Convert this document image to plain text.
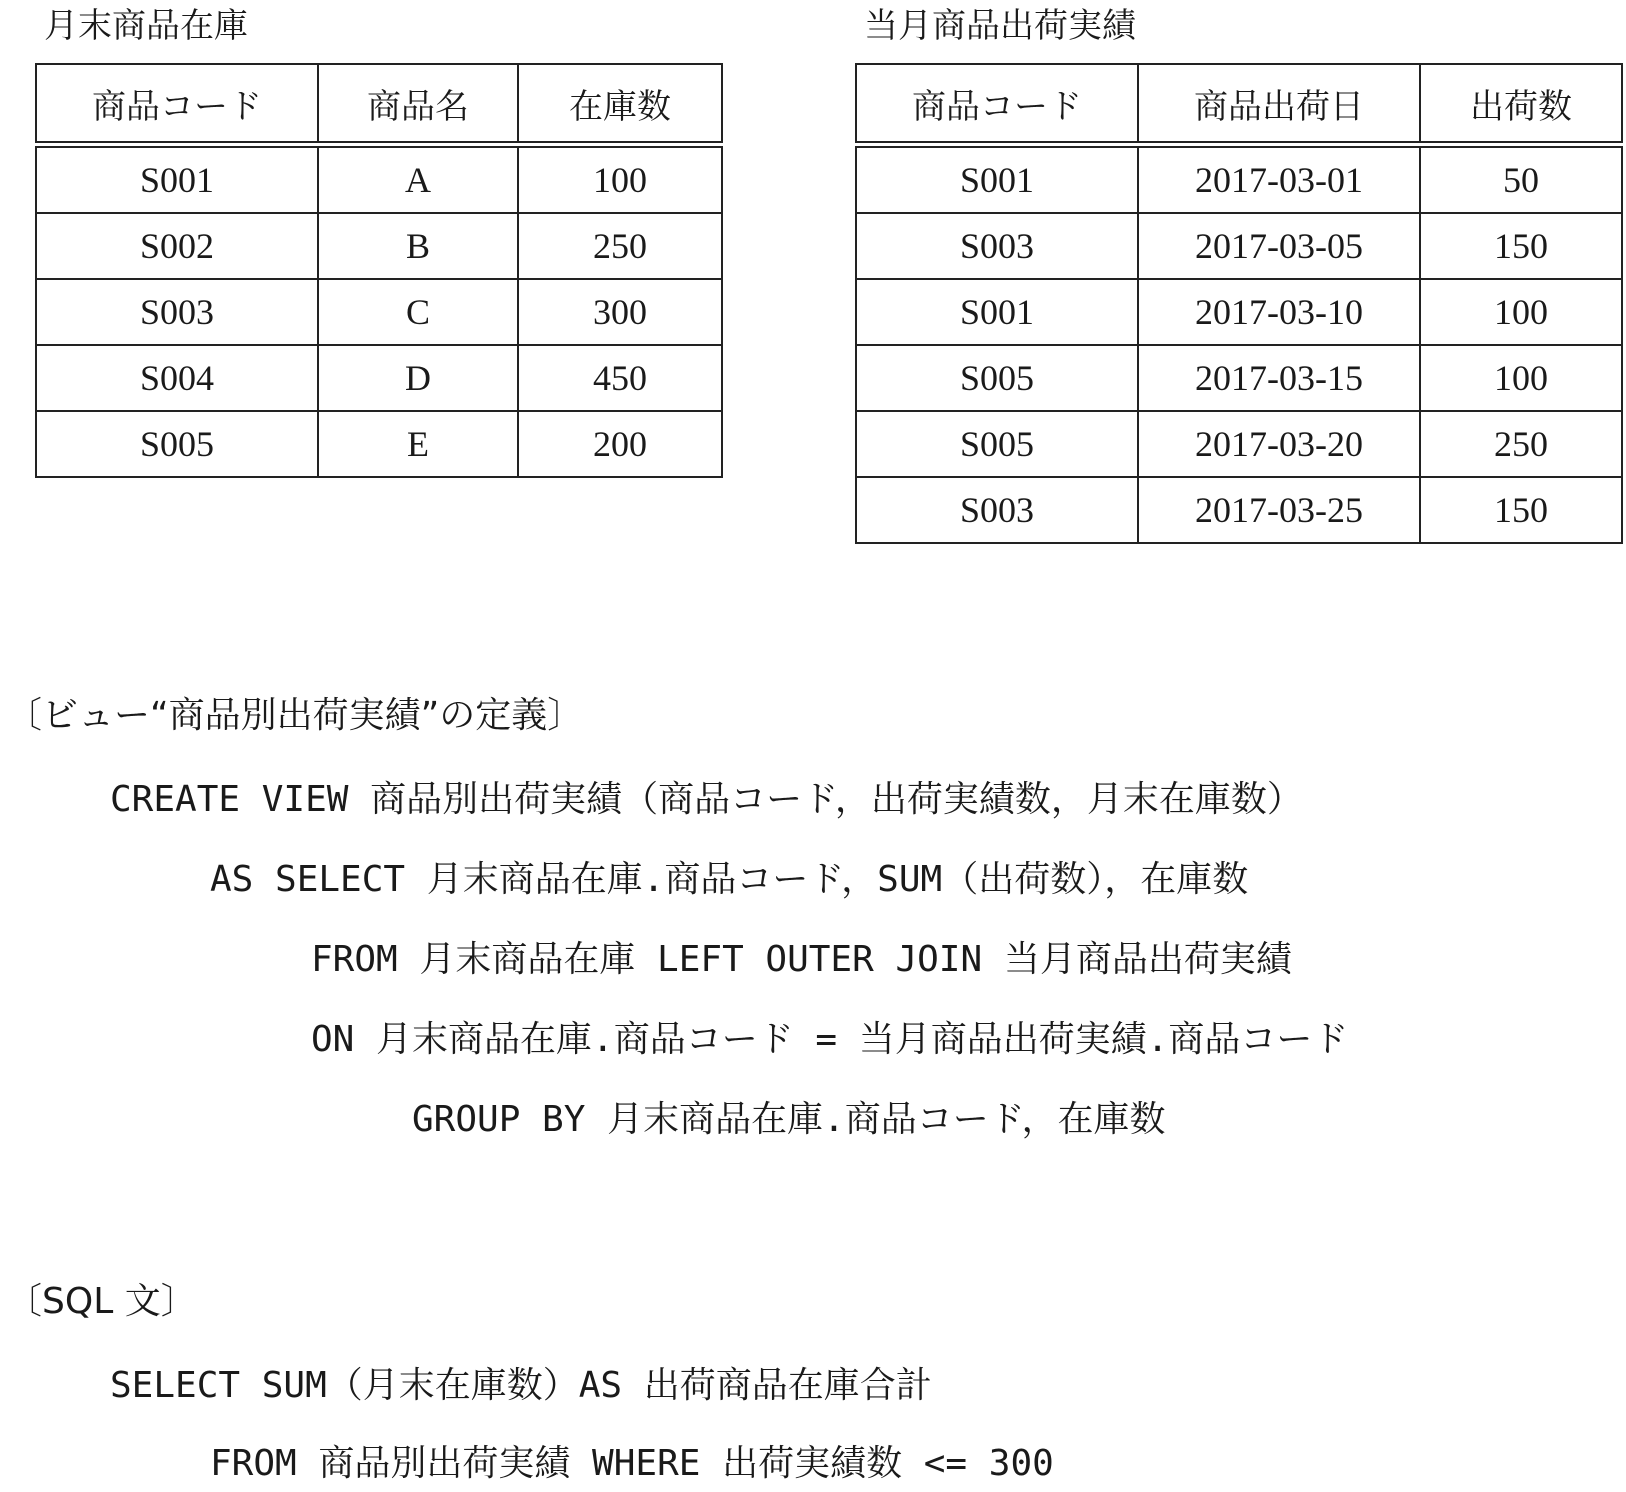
月末商品在庫	当月商品出荷実績
商品コード	商品名	在庫数
S001	A	100
S002	B	250
S003	C	300
S004	D	450
S005	E	200
商品コード	商品出荷日	出荷数
S001	2017-03-01	50
S003	2017-03-05	150
S001	2017-03-10	100
S005	2017-03-15	100
S005	2017-03-20	250
S003	2017-03-25	150
〔ビュー“商品別出荷実績”の定義〕
CREATE VIEW 商品別出荷実績（商品コード，出荷実績数，月末在庫数）
AS SELECT 月末商品在庫.商品コード，SUM（出荷数），在庫数
FROM 月末商品在庫 LEFT OUTER JOIN 当月商品出荷実績
ON 月末商品在庫.商品コード = 当月商品出荷実績.商品コード
GROUP BY 月末商品在庫.商品コード，在庫数
〔SQL 文〕
SELECT SUM（月末在庫数）AS 出荷商品在庫合計
FROM 商品別出荷実績 WHERE 出荷実績数 <= 300
